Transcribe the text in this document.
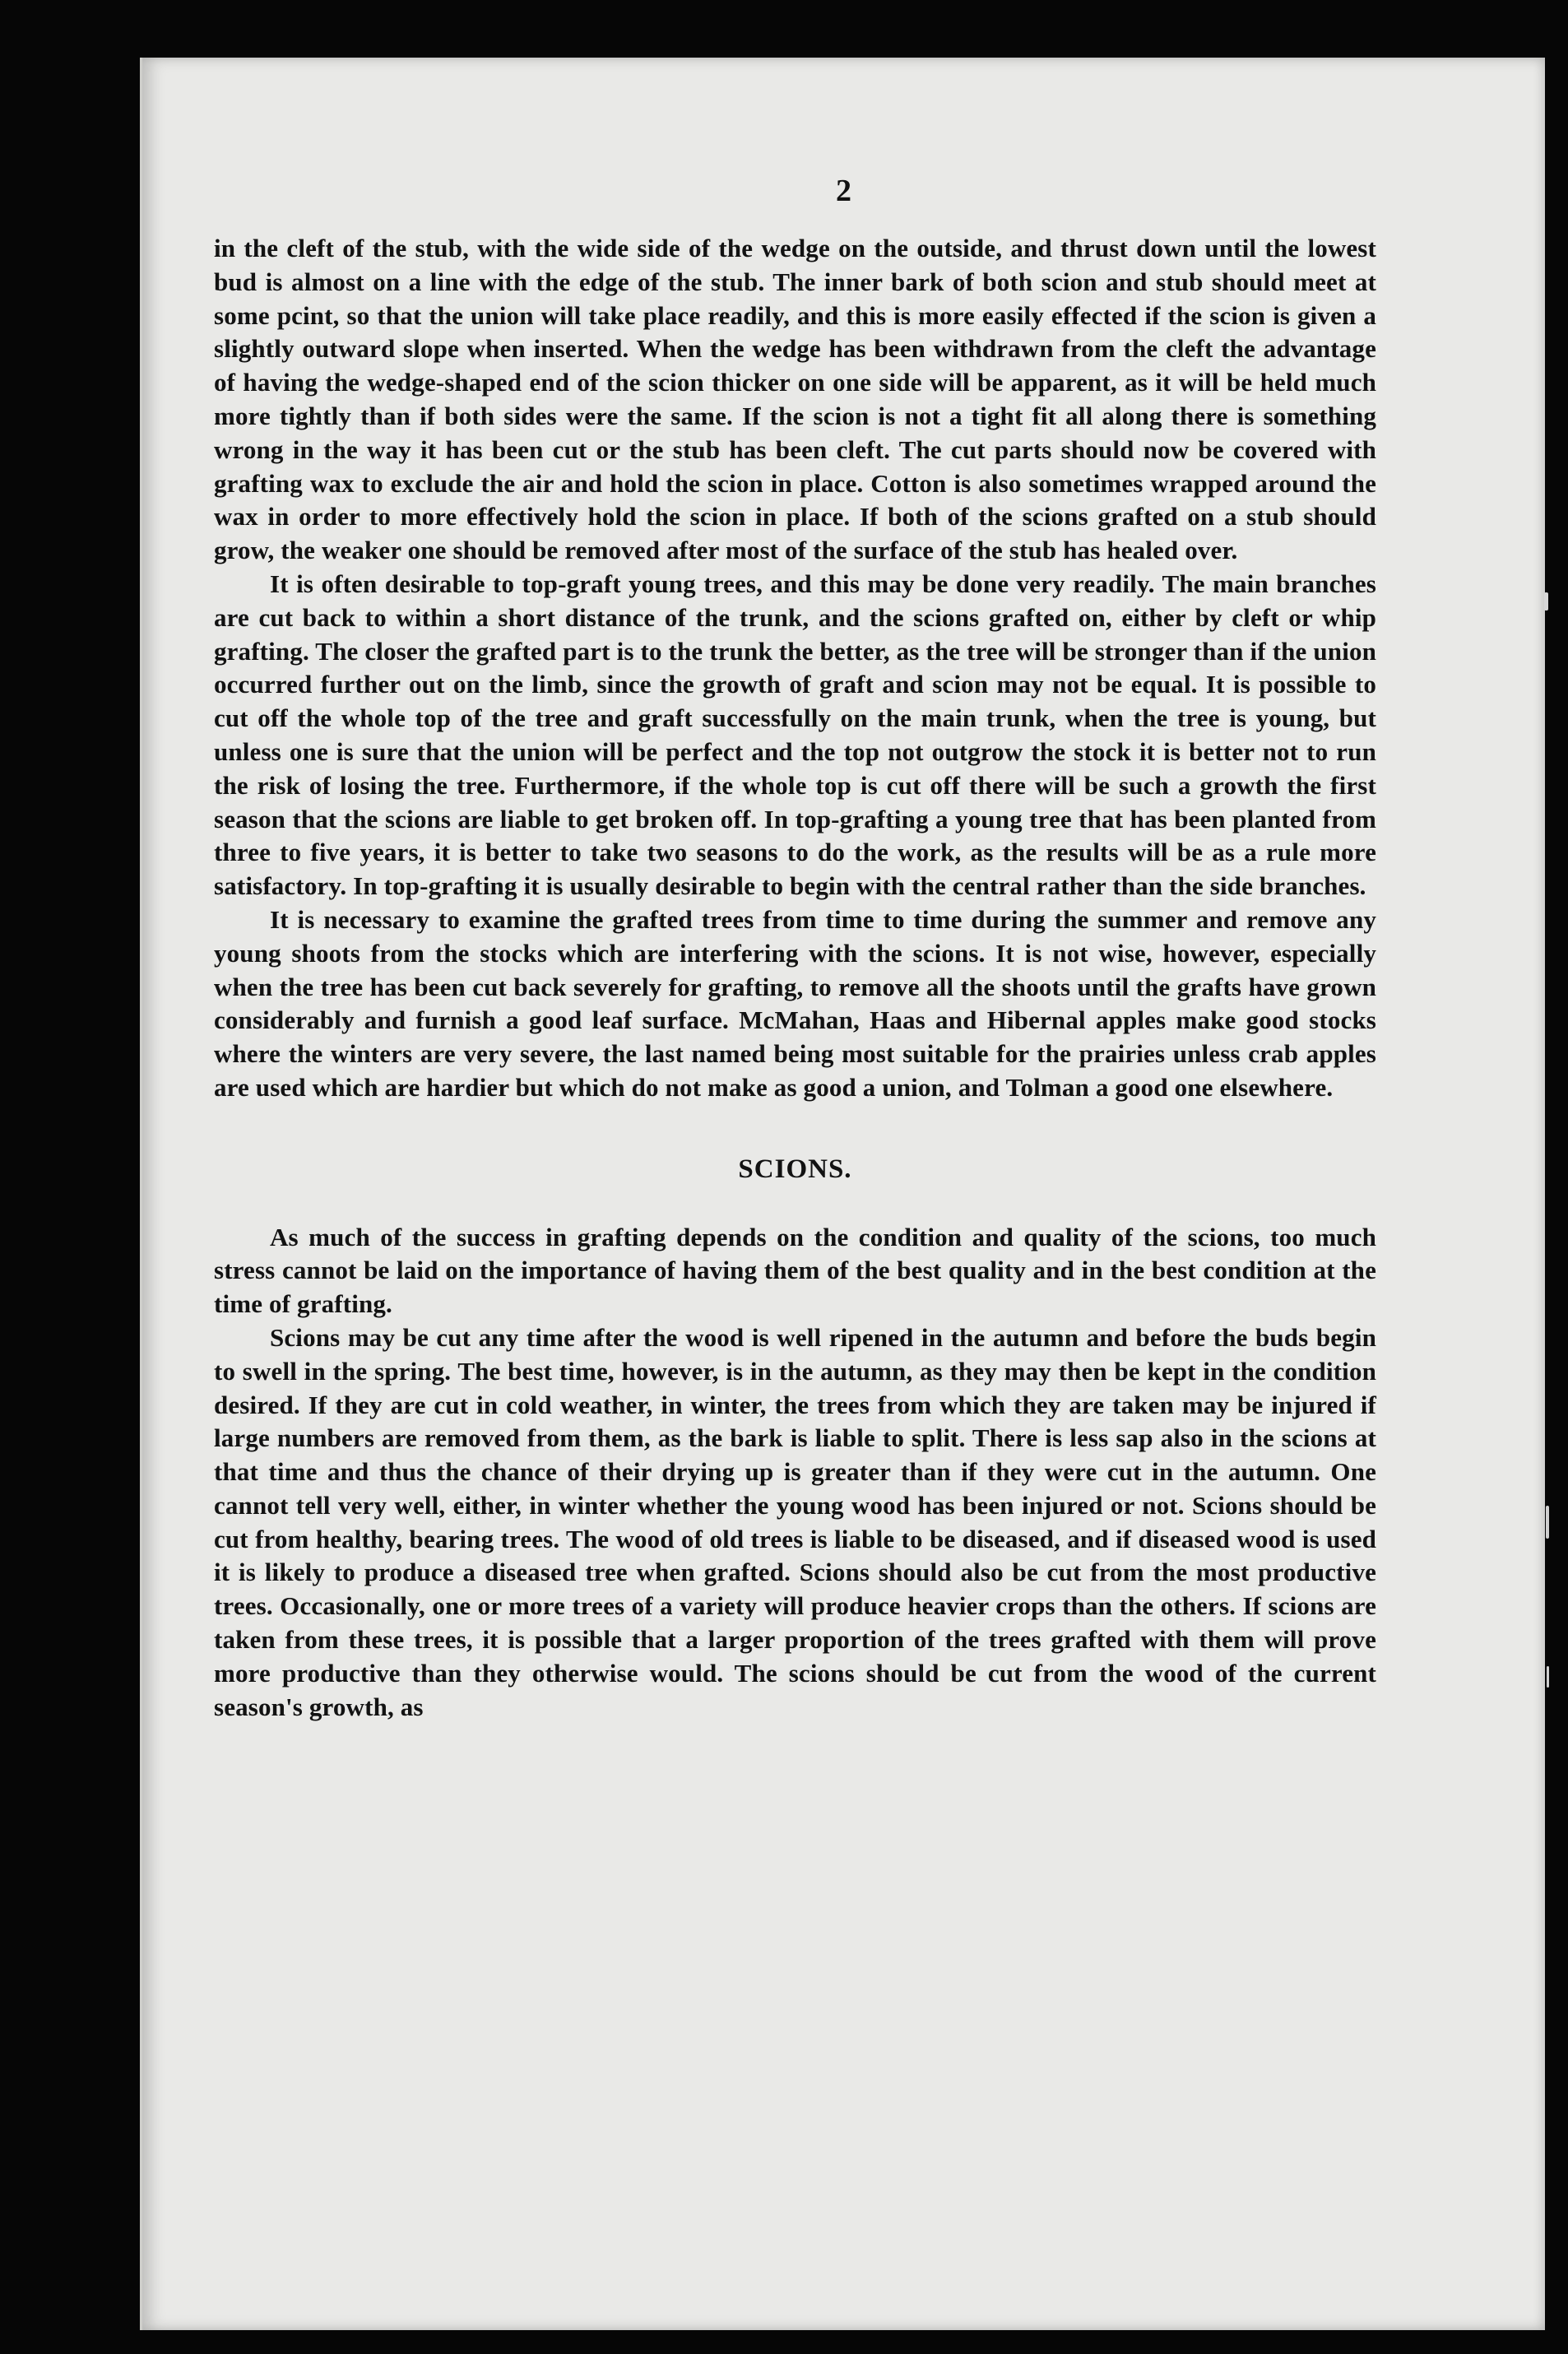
2

in the cleft of the stub, with the wide side of the wedge on the outside, and thrust down until the lowest bud is almost on a line with the edge of the stub. The inner bark of both scion and stub should meet at some pcint, so that the union will take place readily, and this is more easily effected if the scion is given a slightly outward slope when inserted. When the wedge has been withdrawn from the cleft the advantage of having the wedge-shaped end of the scion thicker on one side will be apparent, as it will be held much more tightly than if both sides were the same. If the scion is not a tight fit all along there is something wrong in the way it has been cut or the stub has been cleft. The cut parts should now be covered with grafting wax to exclude the air and hold the scion in place. Cotton is also sometimes wrapped around the wax in order to more effectively hold the scion in place. If both of the scions grafted on a stub should grow, the weaker one should be removed after most of the surface of the stub has healed over.

It is often desirable to top-graft young trees, and this may be done very readily. The main branches are cut back to within a short distance of the trunk, and the scions grafted on, either by cleft or whip grafting. The closer the grafted part is to the trunk the better, as the tree will be stronger than if the union occurred further out on the limb, since the growth of graft and scion may not be equal. It is possible to cut off the whole top of the tree and graft successfully on the main trunk, when the tree is young, but unless one is sure that the union will be perfect and the top not outgrow the stock it is better not to run the risk of losing the tree. Furthermore, if the whole top is cut off there will be such a growth the first season that the scions are liable to get broken off. In top-grafting a young tree that has been planted from three to five years, it is better to take two seasons to do the work, as the results will be as a rule more satisfactory. In top-grafting it is usually desirable to begin with the central rather than the side branches.

It is necessary to examine the grafted trees from time to time during the summer and remove any young shoots from the stocks which are interfering with the scions. It is not wise, however, especially when the tree has been cut back severely for grafting, to remove all the shoots until the grafts have grown considerably and furnish a good leaf surface. McMahan, Haas and Hibernal apples make good stocks where the winters are very severe, the last named being most suitable for the prairies unless crab apples are used which are hardier but which do not make as good a union, and Tolman a good one elsewhere.

SCIONS.

As much of the success in grafting depends on the condition and quality of the scions, too much stress cannot be laid on the importance of having them of the best quality and in the best condition at the time of grafting.

Scions may be cut any time after the wood is well ripened in the autumn and before the buds begin to swell in the spring. The best time, however, is in the autumn, as they may then be kept in the condition desired. If they are cut in cold weather, in winter, the trees from which they are taken may be injured if large numbers are removed from them, as the bark is liable to split. There is less sap also in the scions at that time and thus the chance of their drying up is greater than if they were cut in the autumn. One cannot tell very well, either, in winter whether the young wood has been injured or not. Scions should be cut from healthy, bearing trees. The wood of old trees is liable to be diseased, and if diseased wood is used it is likely to produce a diseased tree when grafted. Scions should also be cut from the most productive trees. Occasionally, one or more trees of a variety will produce heavier crops than the others. If scions are taken from these trees, it is possible that a larger proportion of the trees grafted with them will prove more productive than they otherwise would. The scions should be cut from the wood of the current season's growth, as
